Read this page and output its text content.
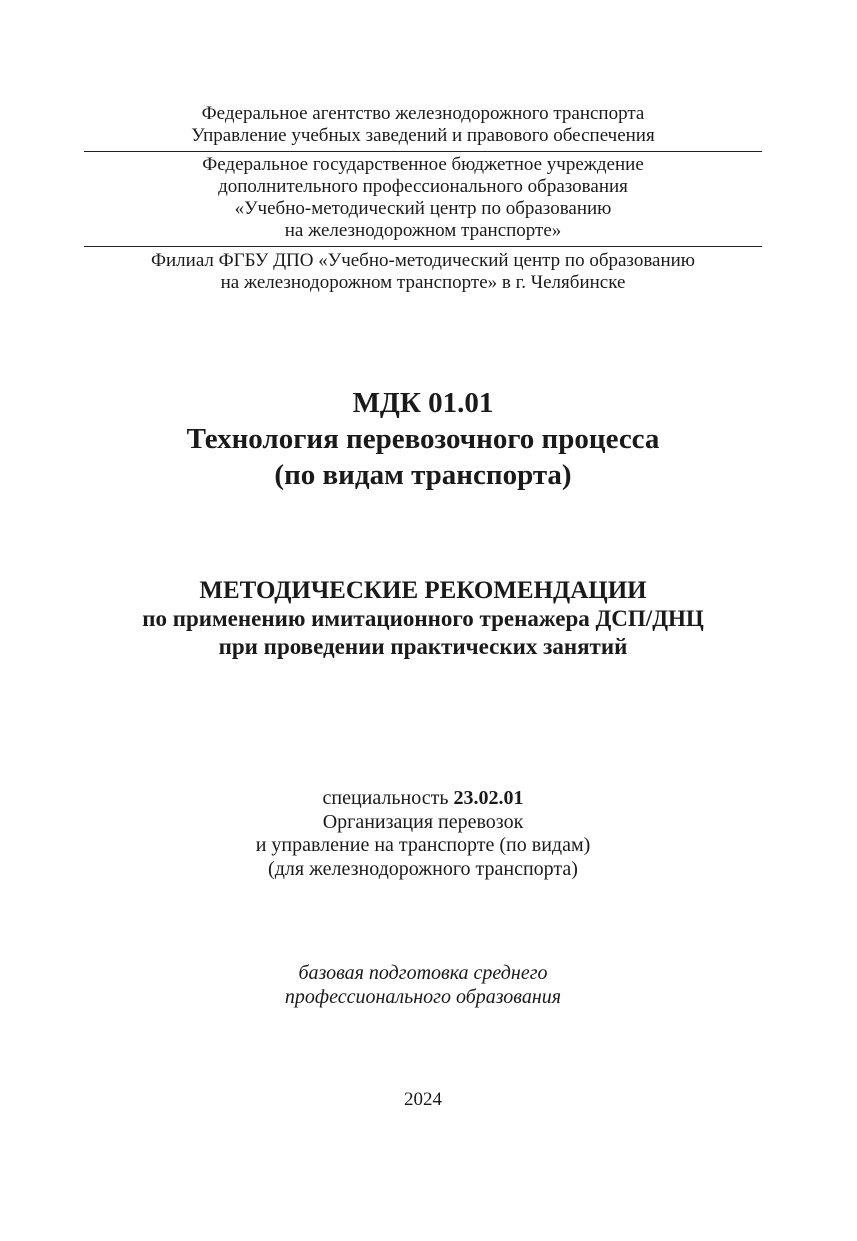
Федеральное агентство железнодорожного транспорта
Управление учебных заведений и правового обеспечения
Федеральное государственное бюджетное учреждение
дополнительного профессионального образования
«Учебно-методический центр по образованию
на железнодорожном транспорте»
Филиал ФГБУ ДПО «Учебно-методический центр по образованию
на железнодорожном транспорте» в г. Челябинске
МДК 01.01
Технология перевозочного процесса
(по видам транспорта)
МЕТОДИЧЕСКИЕ РЕКОМЕНДАЦИИ
по применению имитационного тренажера ДСП/ДНЦ
при проведении практических занятий
специальность 23.02.01
Организация перевозок
и управление на транспорте (по видам)
(для железнодорожного транспорта)
базовая подготовка среднего
профессионального образования
2024
